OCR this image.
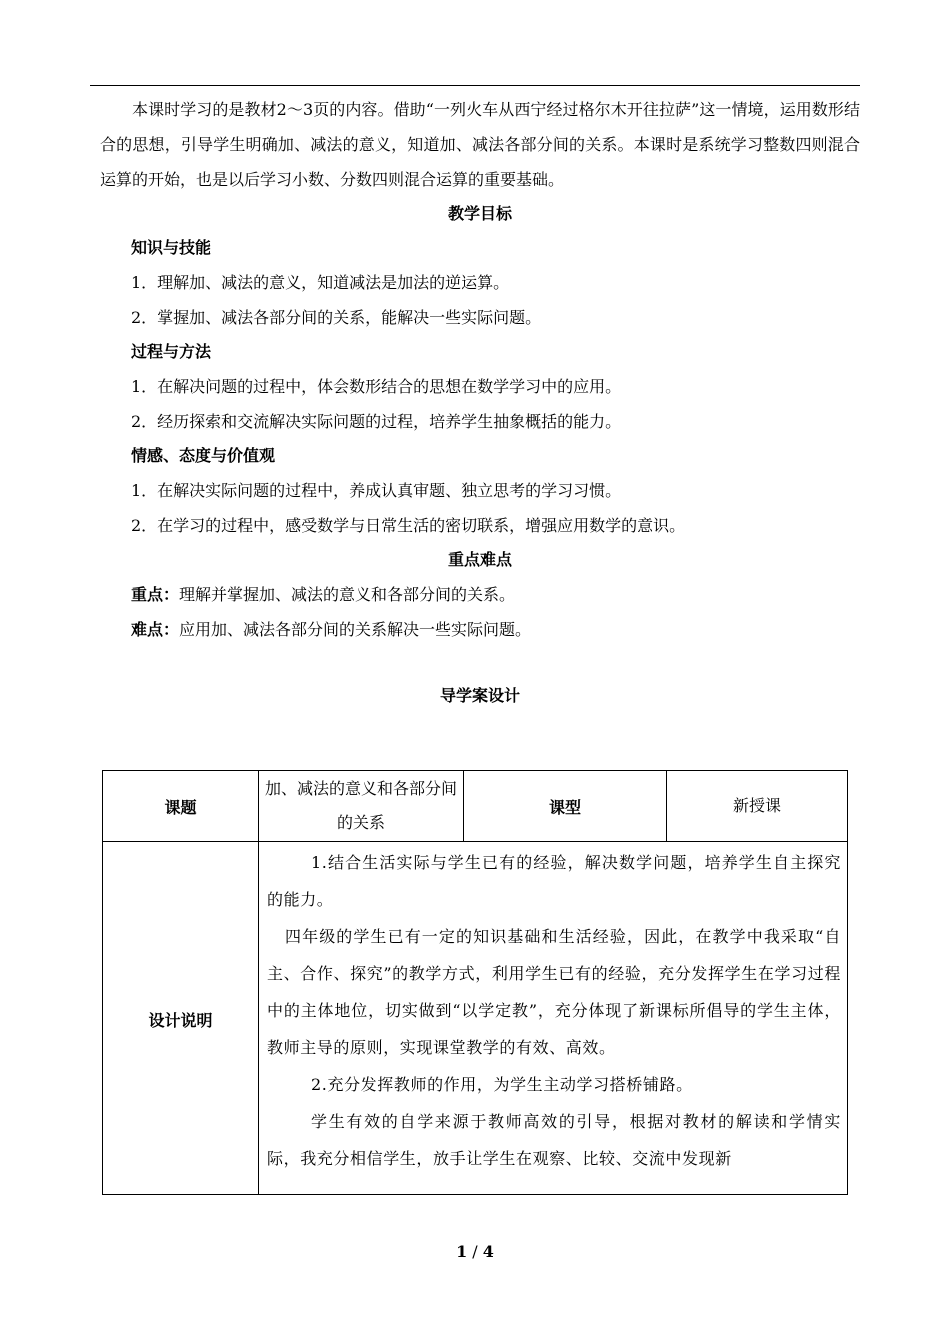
本课时学习的是教材2～3页的内容。借助“一列火车从西宁经过格尔木开往拉萨”这一情境，运用数形结合的思想，引导学生明确加、减法的意义，知道加、减法各部分间的关系。本课时是系统学习整数四则混合运算的开始，也是以后学习小数、分数四则混合运算的重要基础。

教学目标

知识与技能

1．理解加、减法的意义，知道减法是加法的逆运算。

2．掌握加、减法各部分间的关系，能解决一些实际问题。

过程与方法

1．在解决问题的过程中，体会数形结合的思想在数学学习中的应用。

2．经历探索和交流解决实际问题的过程，培养学生抽象概括的能力。

情感、态度与价值观

1．在解决实际问题的过程中，养成认真审题、独立思考的学习习惯。

2．在学习的过程中，感受数学与日常生活的密切联系，增强应用数学的意识。

重点难点

重点：理解并掌握加、减法的意义和各部分间的关系。

难点：应用加、减法各部分间的关系解决一些实际问题。

导学案设计

课题	加、减法的意义和各部分间的关系	课型	新授课
设计说明	1.结合生活实际与学生已有的经验，解决数学问题，培养学生自主探究的能力。

四年级的学生已有一定的知识基础和生活经验，因此，在教学中我采取“自主、合作、探究”的教学方式，利用学生已有的经验，充分发挥学生在学习过程中的主体地位，切实做到“以学定教”，充分体现了新课标所倡导的学生主体，教师主导的原则，实现课堂教学的有效、高效。

2.充分发挥教师的作用，为学生主动学习搭桥铺路。

学生有效的自学来源于教师高效的引导，根据对教材的解读和学情实际，我充分相信学生，放手让学生在观察、比较、交流中发现新		

1 / 4
